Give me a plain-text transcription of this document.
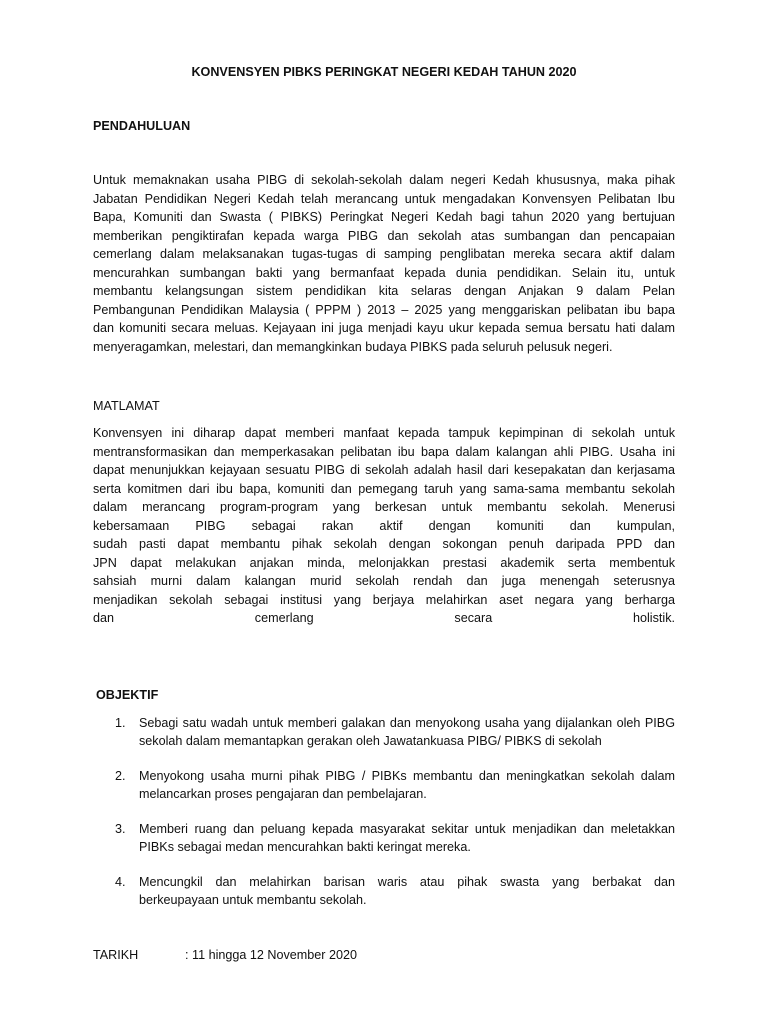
KONVENSYEN PIBKS PERINGKAT NEGERI KEDAH TAHUN 2020
PENDAHULUAN
Untuk memaknakan usaha PIBG di sekolah-sekolah dalam negeri Kedah khususnya, maka pihak
Jabatan Pendidikan Negeri Kedah telah merancang untuk mengadakan Konvensyen Pelibatan Ibu
Bapa, Komuniti dan Swasta ( PIBKS) Peringkat Negeri Kedah bagi tahun 2020 yang bertujuan
memberikan pengiktirafan kepada warga PIBG dan sekolah atas sumbangan dan pencapaian
cemerlang dalam melaksanakan tugas-tugas di samping penglibatan mereka secara aktif dalam
mencurahkan sumbangan bakti yang bermanfaat kepada dunia pendidikan. Selain itu, untuk
membantu kelangsungan sistem pendidikan kita selaras dengan Anjakan 9 dalam Pelan
Pembangunan Pendidikan Malaysia ( PPPM ) 2013 – 2025 yang menggariskan pelibatan ibu bapa
dan komuniti secara meluas. Kejayaan ini juga menjadi kayu ukur kepada semua bersatu hati dalam
menyeragamkan, melestari, dan memangkinkan budaya PIBKS pada seluruh pelusuk negeri.
MATLAMAT
Konvensyen ini diharap dapat memberi manfaat kepada tampuk kepimpinan di sekolah untuk
mentransformasikan dan memperkasakan pelibatan ibu bapa dalam kalangan ahli PIBG. Usaha ini
dapat menunjukkan kejayaan sesuatu PIBG di sekolah adalah hasil dari kesepakatan dan kerjasama
serta komitmen dari ibu bapa, komuniti dan pemegang taruh yang sama-sama membantu sekolah
dalam merancang program-program yang berkesan untuk membantu sekolah. Menerusi
kebersamaan PIBG sebagai rakan aktif dengan komuniti dan kumpulan,
sudah pasti dapat membantu pihak sekolah dengan sokongan penuh daripada PPD dan
JPN dapat melakukan anjakan minda, melonjakkan prestasi akademik serta membentuk
sahsiah murni dalam kalangan murid sekolah rendah dan juga menengah seterusnya
menjadikan sekolah sebagai institusi yang berjaya melahirkan aset negara yang berharga
dan cemerlang secara holistik.
OBJEKTIF
1. Sebagi satu wadah untuk memberi galakan dan menyokong usaha yang dijalankan oleh PIBG
sekolah dalam memantapkan gerakan oleh Jawatankuasa PIBG/ PIBKS di sekolah
2. Menyokong usaha murni pihak PIBG / PIBKs membantu dan meningkatkan sekolah dalam
melancarkan proses pengajaran dan pembelajaran.
3. Memberi ruang dan peluang kepada masyarakat sekitar untuk menjadikan dan meletakkan
PIBKs sebagai medan mencurahkan bakti keringat mereka.
4. Mencungkil dan melahirkan barisan waris atau pihak swasta yang berbakat dan
berkeupayaan untuk membantu sekolah.
TARIKH	: 11 hingga 12 November 2020
